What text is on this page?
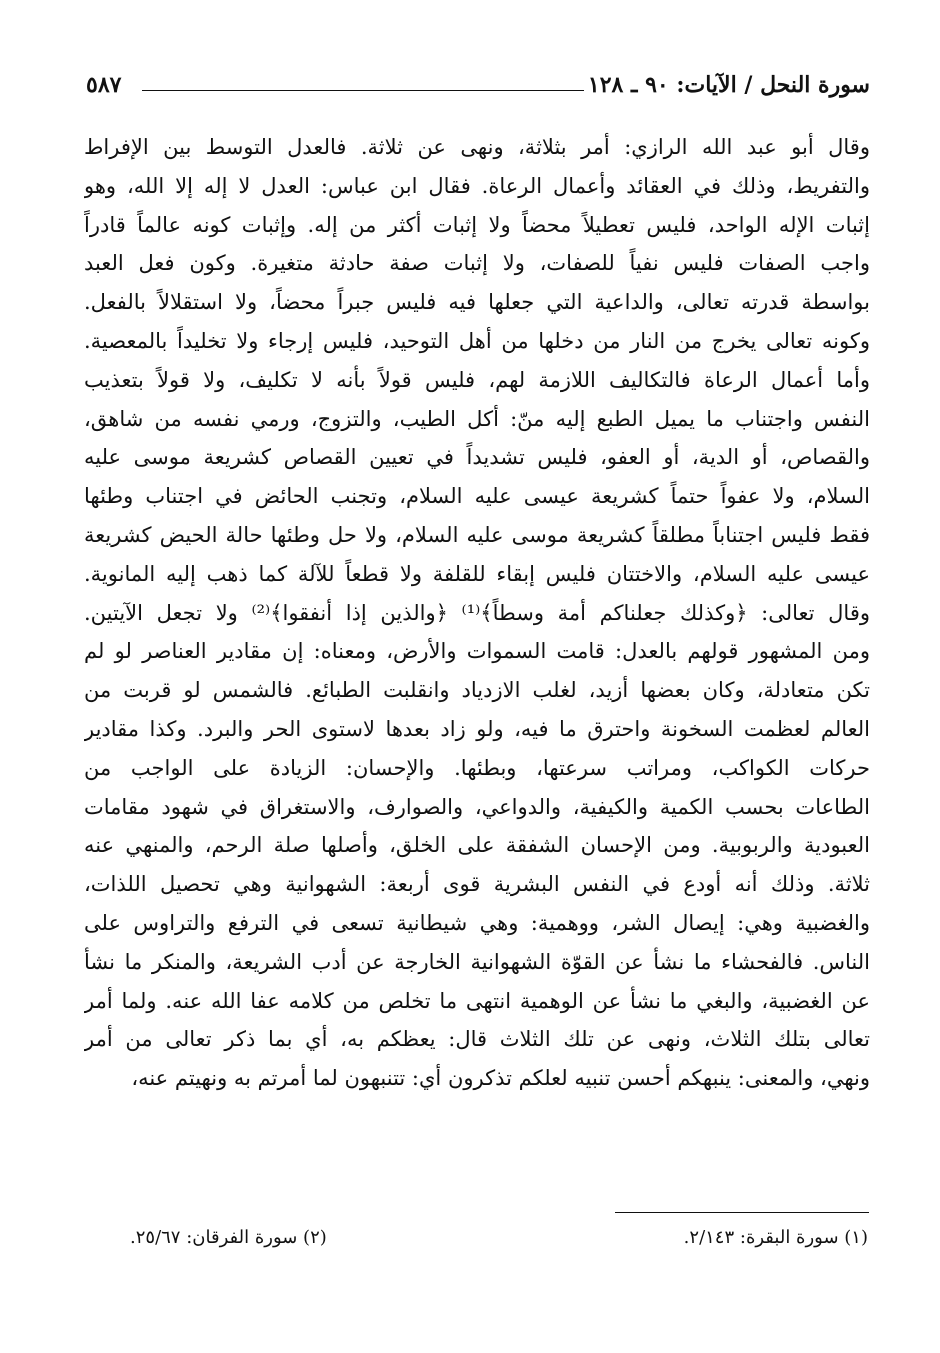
٥٨٧	سورة النحل / الآيات: ٩٠ ـ ١٢٨
وقال أبو عبد الله الرازي: أمر بثلاثة، ونهى عن ثلاثة. فالعدل التوسط بين الإفراط
والتفريط، وذلك في العقائد وأعمال الرعاة. فقال ابن عباس: العدل لا إله إلا الله، وهو
إثبات الإله الواحد، فليس تعطيلاً محضاً ولا إثبات أكثر من إله. وإثبات كونه عالماً قادراً
واجب الصفات فليس نفياً للصفات، ولا إثبات صفة حادثة متغيرة. وكون فعل العبد
بواسطة قدرته تعالى، والداعية التي جعلها فيه فليس جبراً محضاً، ولا استقلالاً بالفعل.
وكونه تعالى يخرج من النار من دخلها من أهل التوحيد، فليس إرجاء ولا تخليداً بالمعصية.
وأما أعمال الرعاة فالتكاليف اللازمة لهم، فليس قولاً بأنه لا تكليف، ولا قولاً بتعذيب
النفس واجتناب ما يميل الطبع إليه منّ: أكل الطيب، والتزوج، ورمي نفسه من شاهق،
والقصاص، أو الدية، أو العفو، فليس تشديداً في تعيين القصاص كشريعة موسى عليه
السلام، ولا عفواً حتماً كشريعة عيسى عليه السلام، وتجنب الحائض في اجتناب وطئها
فقط فليس اجتناباً مطلقاً كشريعة موسى عليه السلام، ولا حل وطئها حالة الحيض كشريعة
عيسى عليه السلام، والاختتان فليس إبقاء للقلفة ولا قطعاً للآلة كما ذهب إليه المانوية.
وقال تعالى: ﴿وكذلك جعلناكم أمة وسطاً﴾⁽¹⁾ ﴿والذين إذا أنفقوا﴾⁽²⁾ ولا تجعل الآيتين.
ومن المشهور قولهم بالعدل: قامت السموات والأرض، ومعناه: إن مقادير العناصر لو لم
تكن متعادلة، وكان بعضها أزيد، لغلب الازدياد وانقلبت الطبائع. فالشمس لو قربت من
العالم لعظمت السخونة واحترق ما فيه، ولو زاد بعدها لاستوى الحر والبرد. وكذا مقادير
حركات الكواكب، ومراتب سرعتها، وبطئها. والإحسان: الزيادة على الواجب من
الطاعات بحسب الكمية والكيفية، والدواعي، والصوارف، والاستغراق في شهود مقامات
العبودية والربوبية. ومن الإحسان الشفقة على الخلق، وأصلها صلة الرحم، والمنهي عنه
ثلاثة. وذلك أنه أودع في النفس البشرية قوى أربعة: الشهوانية وهي تحصيل اللذات،
والغضبية وهي: إيصال الشر، ووهمية: وهي شيطانية تسعى في الترفع والتراوس على
الناس. فالفحشاء ما نشأ عن القوّة الشهوانية الخارجة عن أدب الشريعة، والمنكر ما نشأ
عن الغضبية، والبغي ما نشأ عن الوهمية انتهى ما تخلص من كلامه عفا الله عنه. ولما أمر
تعالى بتلك الثلاث، ونهى عن تلك الثلاث قال: يعظكم به، أي بما ذكر تعالى من أمر
ونهي، والمعنى: ينبهكم أحسن تنبيه لعلكم تذكرون أي: تتنبهون لما أمرتم به ونهيتم عنه،
(١) سورة البقرة: ٢/١٤٣.
(٢) سورة الفرقان: ٢٥/٦٧.
